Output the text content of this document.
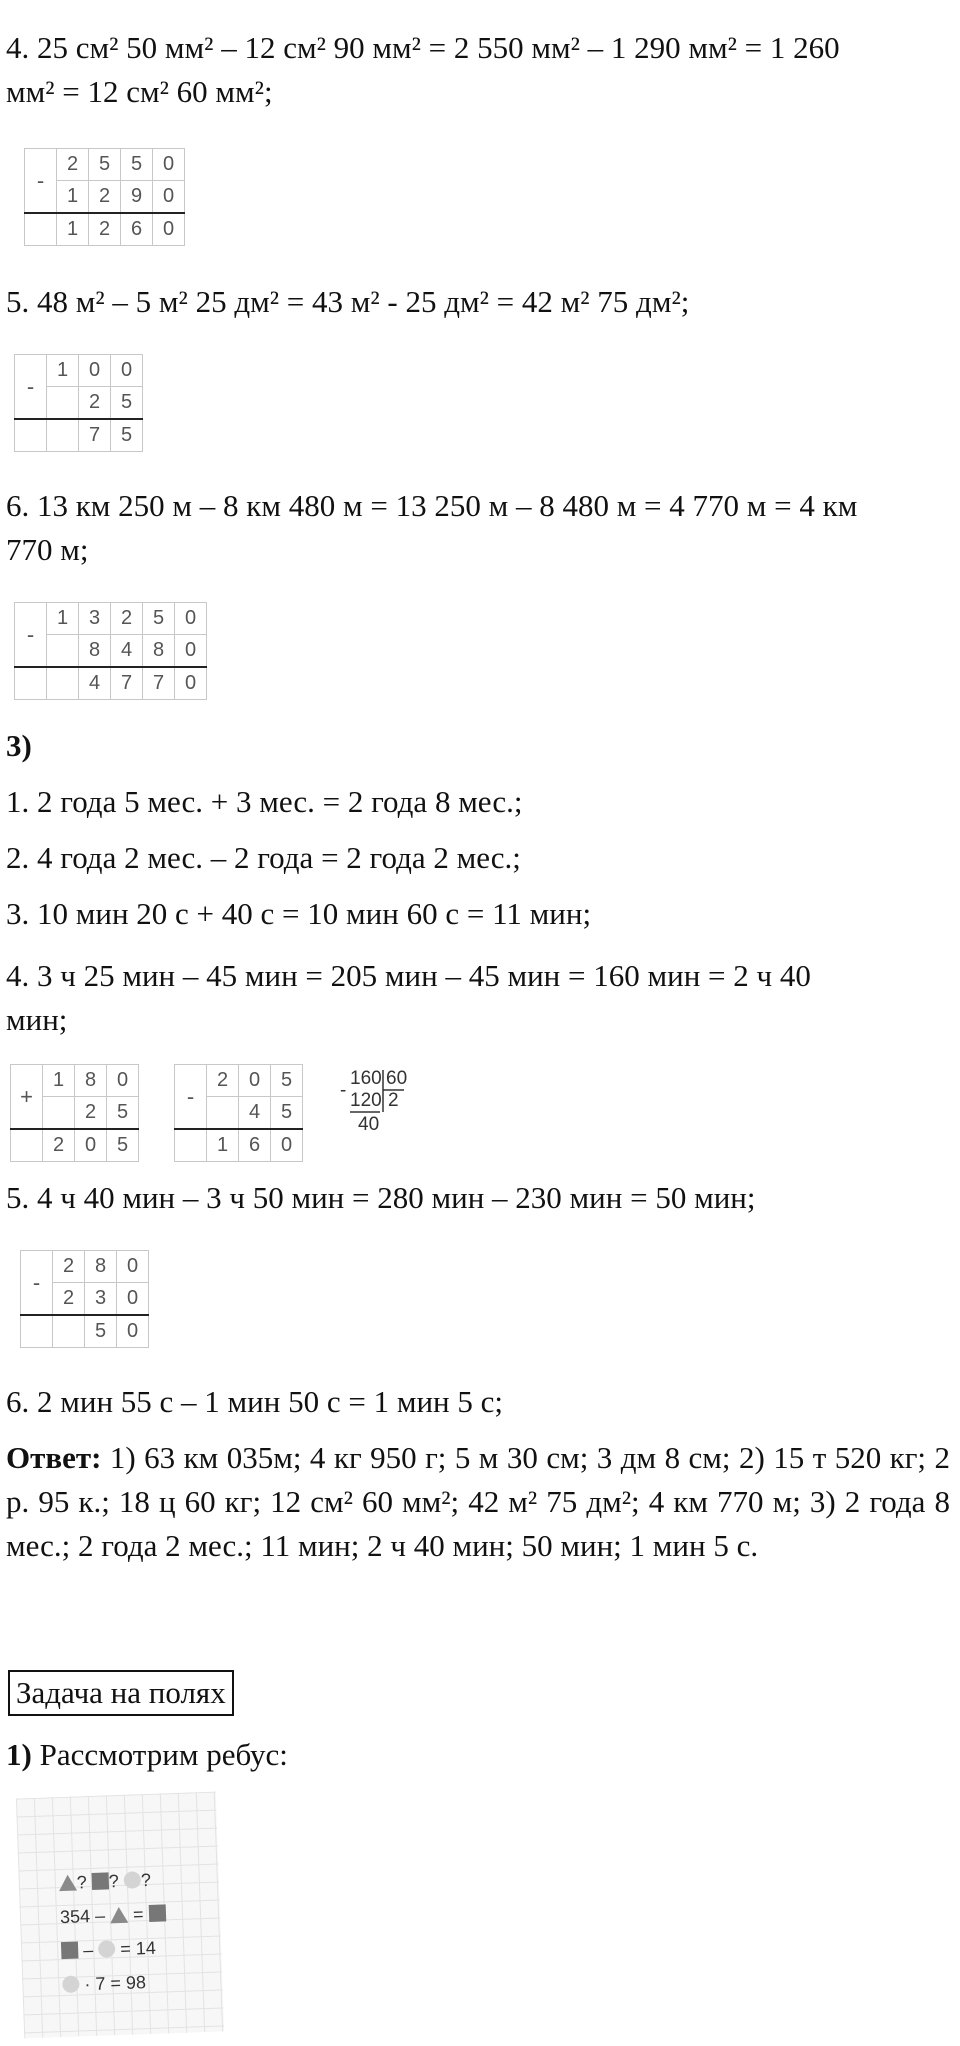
4. 25 см² 50 мм² – 12 см² 90 мм² = 2 550 мм² – 1 290 мм² = 1 260
мм² = 12 см² 60 мм²;
-	2	5	5	0
	1	2	9	0
	1	2	6	0
5. 48 м² – 5 м² 25 дм² = 43 м² - 25 дм² = 42 м² 75 дм²;
-	1	0	0
		2	5
		7	5
6. 13 км 250 м – 8 км 480 м = 13 250 м – 8 480 м = 4 770 м = 4 км
770 м;
-	1	3	2	5	0
		8	4	8	0
		4	7	7	0
3)
1. 2 года 5 мес. + 3 мес. = 2 года 8 мес.;
2. 4 года 2 мес. – 2 года = 2 года 2 мес.;
3. 10 мин 20 с + 40 с = 10 мин 60 с = 11 мин;
4. 3 ч 25 мин – 45 мин = 205 мин – 45 мин = 160 мин = 2 ч 40
мин;
+	1	8	0
		2	5
	2	0	5
-	2	0	5
		4	5
	1	6	0
160 60
- 120 2
40
5. 4 ч 40 мин – 3 ч 50 мин = 280 мин – 230 мин = 50 мин;
-	2	8	0
	2	3	0
		5	0
6. 2 мин 55 с – 1 мин 50 с = 1 мин 5 с;
Ответ: 1) 63 км 035м; 4 кг 950 г; 5 м 30 см; 3 дм 8 см; 2) 15 т 520 кг; 2 р. 95 к.; 18 ц 60 кг; 12 см² 60 мм²; 42 м² 75 дм²; 4 км 770 м; 3) 2 года 8 мес.; 2 года 2 мес.; 11 мин; 2 ч 40 мин; 50 мин; 1 мин 5 с.
Задача на полях
1) Рассмотрим ребус:
? ? ?
354 – =
– = 14
· 7 = 98
